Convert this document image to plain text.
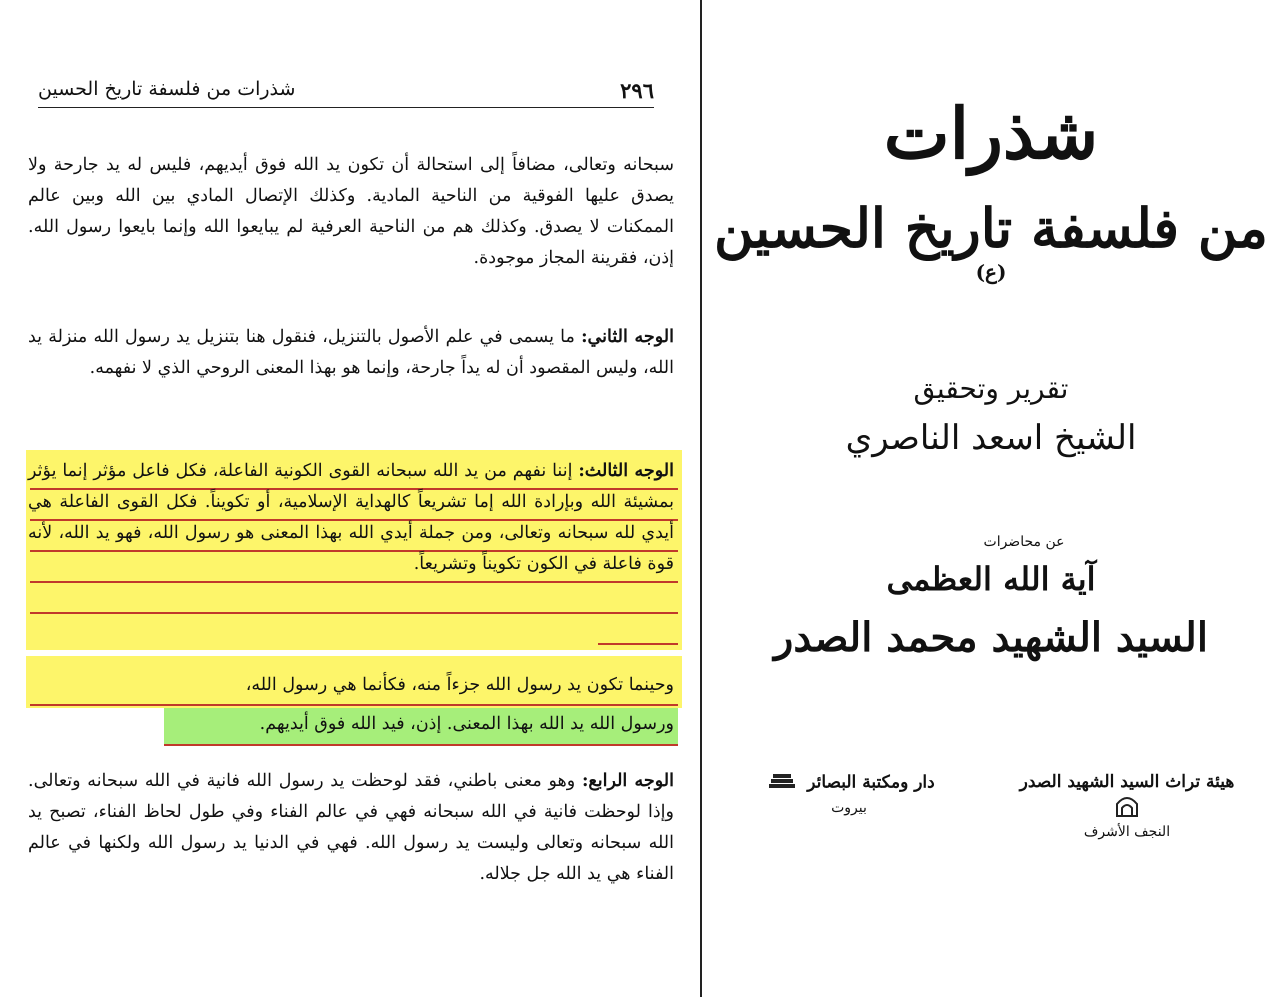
٢٩٦
شذرات من فلسفة تاريخ الحسين
سبحانه وتعالى، مضافاً إلى استحالة أن تكون يد الله فوق أيديهم، فليس له يد جارحة ولا يصدق عليها الفوقية من الناحية المادية. وكذلك الإتصال المادي بين الله وبين عالم الممكنات لا يصدق. وكذلك هم من الناحية العرفية لم يبايعوا الله وإنما بايعوا رسول الله. إذن، فقرينة المجاز موجودة.
الوجه الثاني: ما يسمى في علم الأصول بالتنزيل، فنقول هنا بتنزيل يد رسول الله منزلة يد الله، وليس المقصود أن له يداً جارحة، وإنما هو بهذا المعنى الروحي الذي لا نفهمه.
الوجه الثالث: إننا نفهم من يد الله سبحانه القوى الكونية الفاعلة، فكل فاعل مؤثر إنما يؤثر بمشيئة الله وبإرادة الله إما تشريعاً كالهداية الإسلامية، أو تكويناً. فكل القوى الفاعلة هي أيدي لله سبحانه وتعالى، ومن جملة أيدي الله بهذا المعنى هو رسول الله، فهو يد الله، لأنه قوة فاعلة في الكون تكويناً وتشريعاً.
وحينما تكون يد رسول الله جزءاً منه، فكأنما هي رسول الله،
ورسول الله يد الله بهذا المعنى. إذن، فيد الله فوق أيديهم.
الوجه الرابع: وهو معنى باطني، فقد لوحظت يد رسول الله فانية في الله سبحانه وتعالى. وإذا لوحظت فانية في الله سبحانه فهي في عالم الفناء وفي طول لحاظ الفناء، تصبح يد الله سبحانه وتعالى وليست يد رسول الله. فهي في الدنيا يد رسول الله ولكنها في عالم الفناء هي يد الله جل جلاله.
شذرات
من فلسفة تاريخ الحسين $^{(ع)}$
تقرير وتحقيق
الشيخ اسعد الناصري
عن محاضرات
آية الله العظمى
السيد الشهيد محمد الصدر
دار ومكتبة البصائر
بيروت
هيئة تراث السيد الشهيد الصدر
النجف الأشرف
